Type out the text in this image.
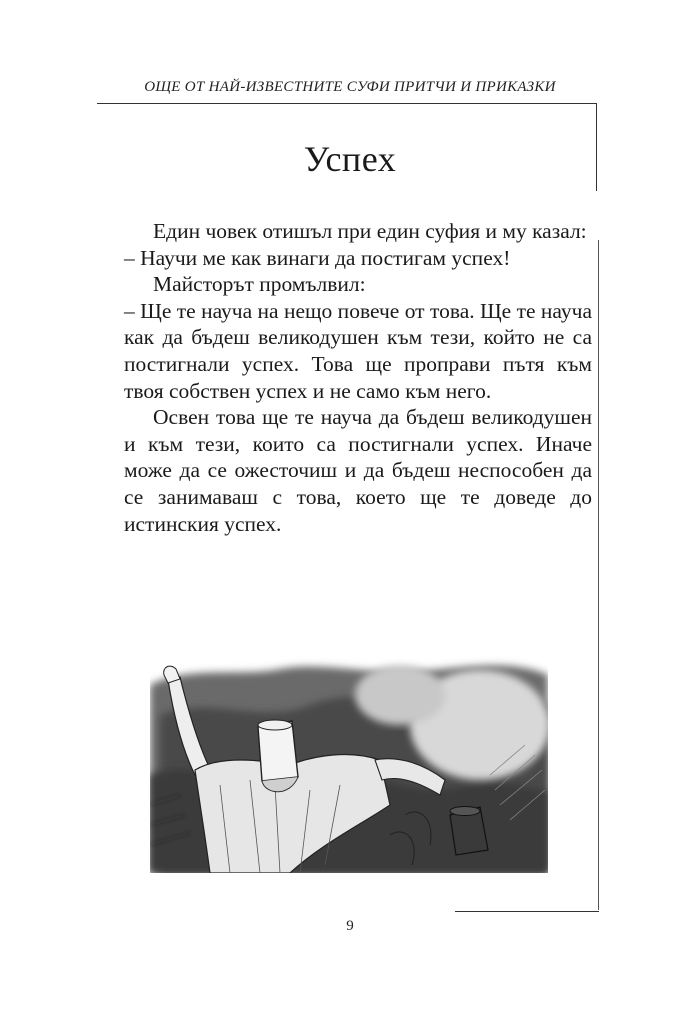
ОЩЕ ОТ НАЙ-ИЗВЕСТНИТЕ СУФИ ПРИТЧИ И ПРИКАЗКИ
Успех

Един човек отишъл при един суфия и му казал:

– Научи ме как винаги да постигам успех!

Майсторът промълвил:

– Ще те науча на нещо повече от това. Ще те науча как да бъдеш великодушен към тези, който не са постигнали успех. Това ще проправи пътя към твоя собствен успех и не само към него.

Освен това ще те науча да бъдеш великодушен и към тези, които са постигнали успех. Иначе може да се ожесточиш и да бъдеш неспособен да се занимаваш с това, което ще те доведе до истинския успех.

9
